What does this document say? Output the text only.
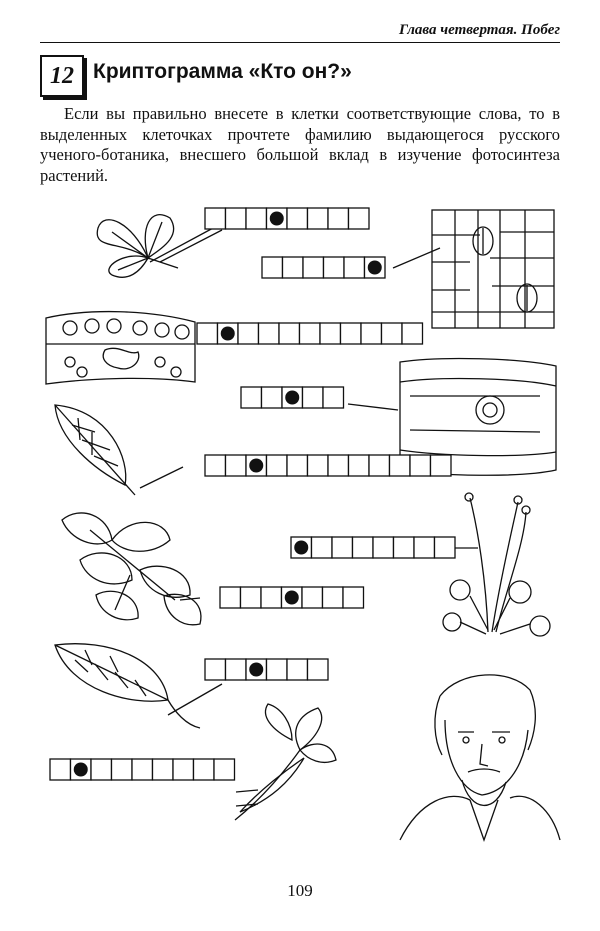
Глава четвертая. Побег
12 Криптограмма «Кто он?»
Если вы правильно внесете в клетки соответствующие слова, то в выделенных клеточках прочтете фамилию выдающегося русского ученого-ботаника, внесшего большой вклад в изучение фотосинтеза растений.
109
